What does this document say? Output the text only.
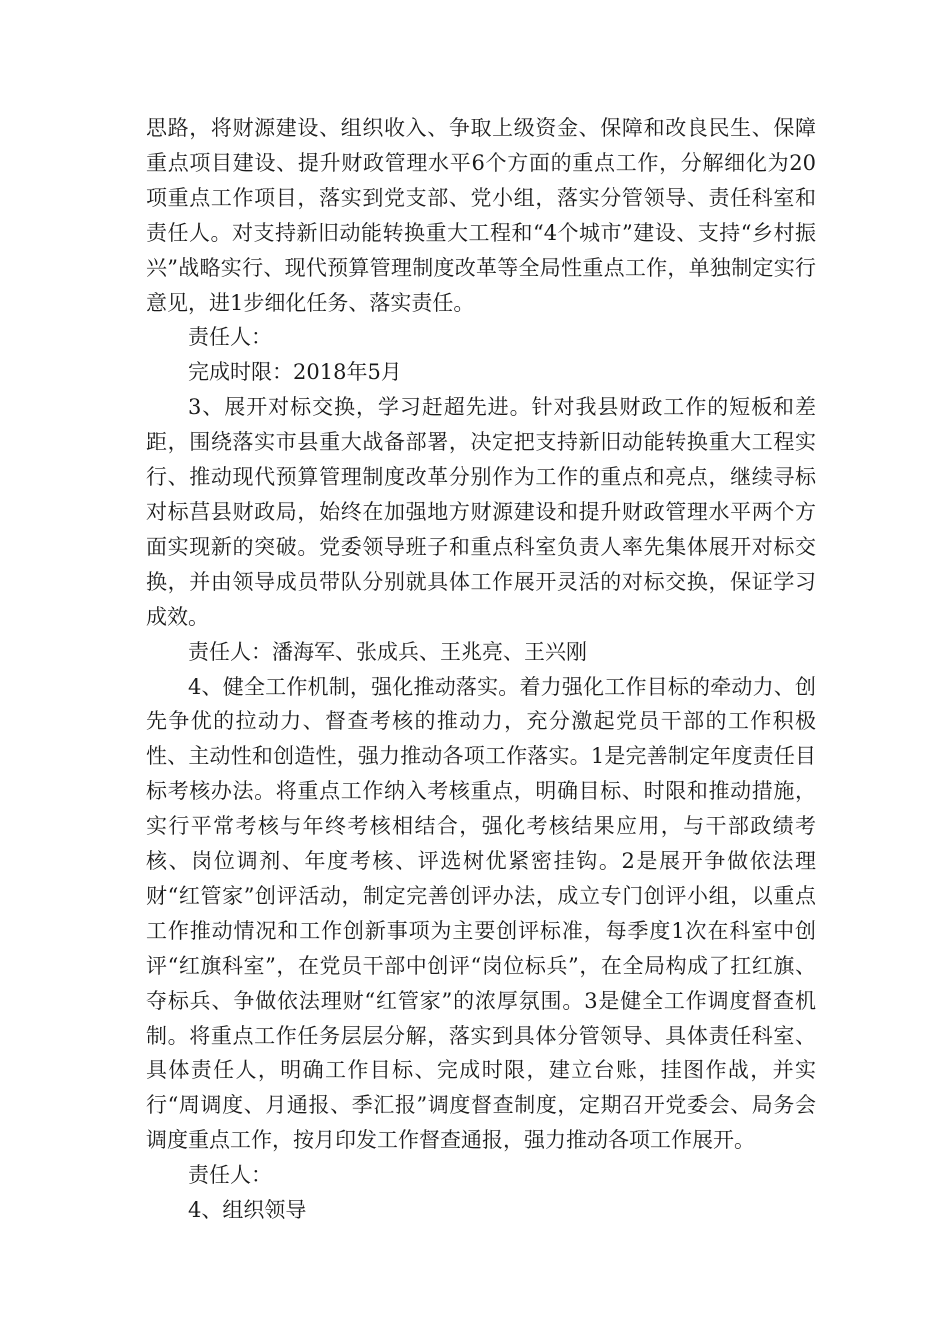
思路，将财源建设、组织收入、争取上级资金、保障和改良民生、保障重点项目建设、提升财政管理水平6个方面的重点工作，分解细化为20项重点工作项目，落实到党支部、党小组，落实分管领导、责任科室和责任人。对支持新旧动能转换重大工程和“4个城市”建设、支持“乡村振兴”战略实行、现代预算管理制度改革等全局性重点工作，单独制定实行意见，进1步细化任务、落实责任。

责任人：

完成时限：2018年5月

3、展开对标交换，学习赶超先进。针对我县财政工作的短板和差距，围绕落实市县重大战备部署，决定把支持新旧动能转换重大工程实行、推动现代预算管理制度改革分别作为工作的重点和亮点，继续寻标对标莒县财政局，始终在加强地方财源建设和提升财政管理水平两个方面实现新的突破。党委领导班子和重点科室负责人率先集体展开对标交换，并由领导成员带队分别就具体工作展开灵活的对标交换，保证学习成效。

责任人：潘海军、张成兵、王兆亮、王兴刚

4、健全工作机制，强化推动落实。着力强化工作目标的牵动力、创先争优的拉动力、督查考核的推动力，充分激起党员干部的工作积极性、主动性和创造性，强力推动各项工作落实。1是完善制定年度责任目标考核办法。将重点工作纳入考核重点，明确目标、时限和推动措施，实行平常考核与年终考核相结合，强化考核结果应用，与干部政绩考核、岗位调剂、年度考核、评选树优紧密挂钩。2是展开争做依法理财“红管家”创评活动，制定完善创评办法，成立专门创评小组，以重点工作推动情况和工作创新事项为主要创评标准，每季度1次在科室中创评“红旗科室”，在党员干部中创评“岗位标兵”，在全局构成了扛红旗、夺标兵、争做依法理财“红管家”的浓厚氛围。3是健全工作调度督查机制。将重点工作任务层层分解，落实到具体分管领导、具体责任科室、具体责任人，明确工作目标、完成时限，建立台账，挂图作战，并实行“周调度、月通报、季汇报”调度督查制度，定期召开党委会、局务会调度重点工作，按月印发工作督查通报，强力推动各项工作展开。

责任人：

4、组织领导
